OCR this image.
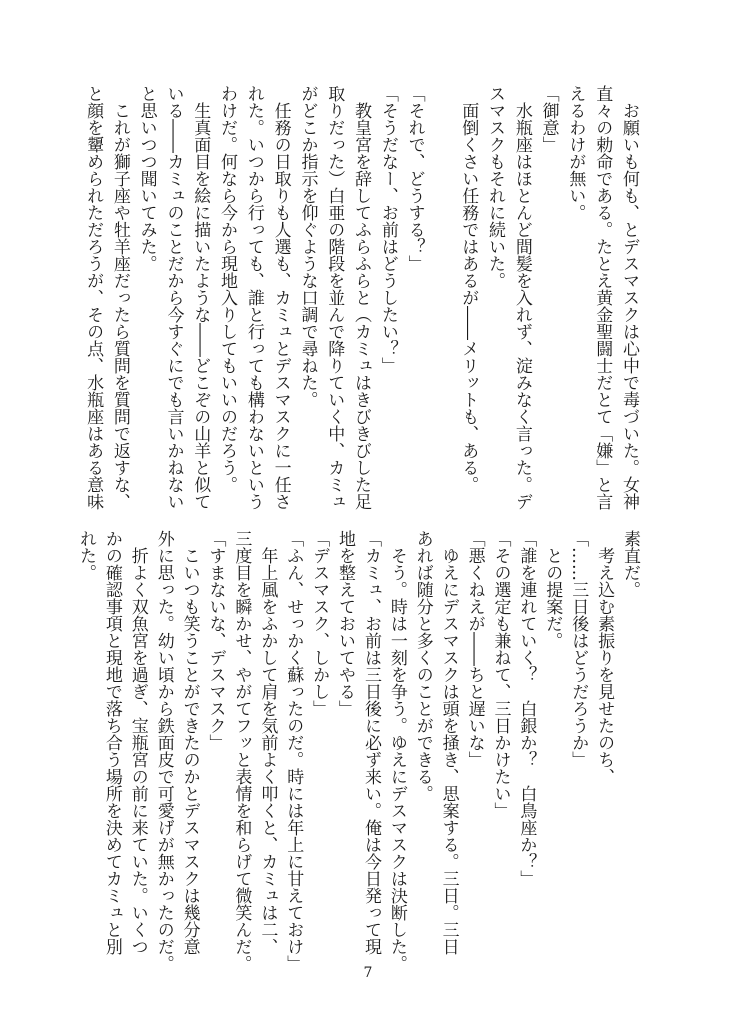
　お願いも何も、とデスマスクは心中で毒づいた。女神
直々の勅命である。たとえ黄金聖闘士だとて「嫌」と言
えるわけが無い。
「御意」
　水瓶座はほとんど間髪を入れず、淀みなく言った。デ
スマスクもそれに続いた。
　面倒くさい任務ではあるが――メリットも、ある。

「それで、どうする？」
「そうだなー、お前はどうしたい？」
　教皇宮を辞してふらふらと（カミュはきびきびした足
取りだった）白亜の階段を並んで降りていく中、カミュ
がどこか指示を仰ぐような口調で尋ねた。
　任務の日取りも人選も、カミュとデスマスクに一任さ
れた。いつから行っても、誰と行っても構わないという
わけだ。何なら今から現地入りしてもいいのだろう。
　生真面目を絵に描いたような――どこぞの山羊と似て
いる――カミュのことだから今すぐにでも言いかねない
と思いつつ聞いてみた。
　これが獅子座や牡羊座だったら質問を質問で返すな、
と顔を顰められただろうが、その点、水瓶座はある意味
素直だ。
　考え込む素振りを見せたのち、
「……三日後はどうだろうか」
　との提案だ。
「誰を連れていく？　白銀か？　白鳥座か？」
「その選定も兼ねて、三日かけたい」
「悪くねえが――ちと遅いな」
　ゆえにデスマスクは頭を掻き、思案する。三日。三日
あれば随分と多くのことができる。
　そう。時は一刻を争う。ゆえにデスマスクは決断した。
「カミュ、お前は三日後に必ず来い。俺は今日発って現
地を整えておいてやる」
「デスマスク、しかし」
「ふん、せっかく蘇ったのだ。時には年上に甘えておけ」
　年上風をふかして肩を気前よく叩くと、カミュは二、
三度目を瞬かせ、やがてフッと表情を和らげて微笑んだ。
「すまないな、デスマスク」
　こいつも笑うことができたのかとデスマスクは幾分意
外に思った。幼い頃から鉄面皮で可愛げが無かったのだ。
　折よく双魚宮を過ぎ、宝瓶宮の前に来ていた。いくつ
かの確認事項と現地で落ち合う場所を決めてカミュと別
れた。
7
